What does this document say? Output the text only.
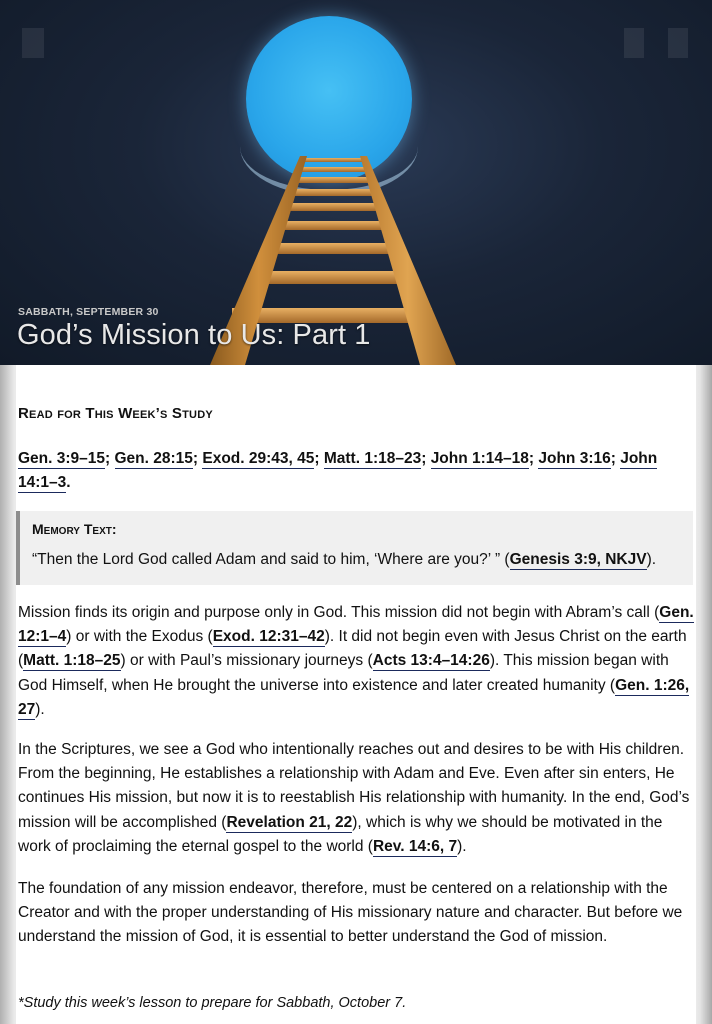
SABBATH, SEPTEMBER 30
God’s Mission to Us: Part 1
Read for This Week’s Study

Gen. 3:9–15; Gen. 28:15; Exod. 29:43, 45; Matt. 1:18–23; John 1:14–18; John 3:16; John 14:1–3.

Memory Text:
“Then the Lord God called Adam and said to him, ‘Where are you?’ ” (Genesis 3:9, NKJV).

Mission finds its origin and purpose only in God. This mission did not begin with Abram’s call (Gen. 12:1–4) or with the Exodus (Exod. 12:31–42). It did not begin even with Jesus Christ on the earth (Matt. 1:18–25) or with Paul’s missionary journeys (Acts 13:4–14:26). This mission began with God Himself, when He brought the universe into existence and later created humanity (Gen. 1:26, 27).

In the Scriptures, we see a God who intentionally reaches out and desires to be with His children. From the beginning, He establishes a relationship with Adam and Eve. Even after sin enters, He continues His mission, but now it is to reestablish His relationship with humanity. In the end, God’s mission will be accomplished (Revelation 21, 22), which is why we should be motivated in the work of proclaiming the eternal gospel to the world (Rev. 14:6, 7).

The foundation of any mission endeavor, therefore, must be centered on a relationship with the Creator and with the proper understanding of His missionary nature and character. But before we understand the mission of God, it is essential to better understand the God of mission.

*Study this week’s lesson to prepare for Sabbath, October 7.
